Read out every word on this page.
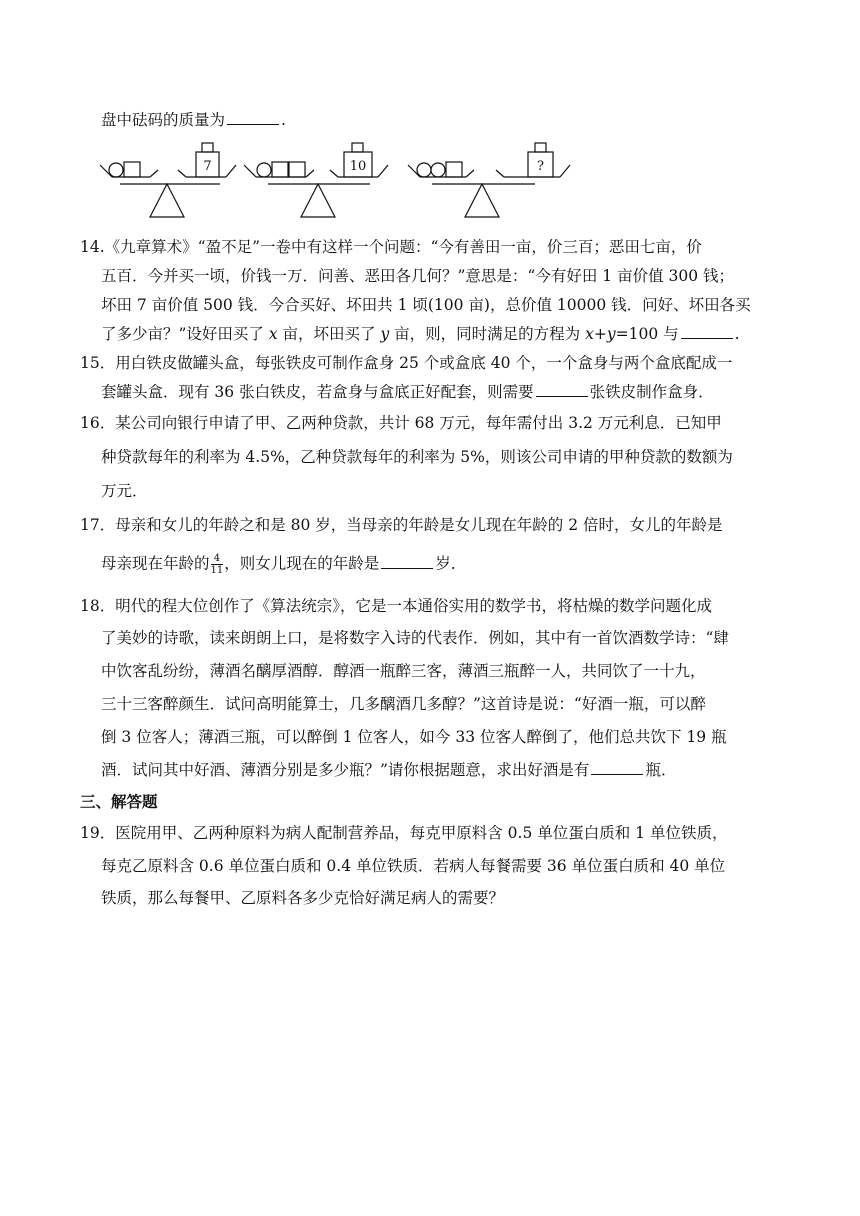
盘中砝码的质量为	.
7	10	?
14.《九章算术》“盈不足”一卷中有这样一个问题：“今有善田一亩，价三百；恶田七亩，价
五百．今并买一顷，价钱一万．问善、恶田各几何？”意思是：“今有好田 1 亩价值 300 钱；
坏田 7 亩价值 500 钱．今合买好、坏田共 1 顷(100 亩)，总价值 10000 钱．问好、坏田各买
了多少亩？”设好田买了 x 亩，坏田买了 y 亩，则，同时满足的方程为 x+y=100 与	.
15．用白铁皮做罐头盒，每张铁皮可制作盒身 25 个或盒底 40 个，一个盒身与两个盒底配成一
套罐头盒．现有 36 张白铁皮，若盒身与盒底正好配套，则需要	张铁皮制作盒身．
16．某公司向银行申请了甲、乙两种贷款，共计 68 万元，每年需付出 3.2 万元利息．已知甲
种贷款每年的利率为 4.5%，乙种贷款每年的利率为 5%，则该公司申请的甲种贷款的数额为
万元．
17．母亲和女儿的年龄之和是 80 岁，当母亲的年龄是女儿现在年龄的 2 倍时，女儿的年龄是
母亲现在年龄的 $\frac{4}{11}$ ，则女儿现在的年龄是	岁．
18．明代的程大位创作了《算法统宗》，它是一本通俗实用的数学书，将枯燥的数学问题化成
了美妙的诗歌，读来朗朗上口，是将数字入诗的代表作．例如，其中有一首饮酒数学诗：“肆
中饮客乱纷纷，薄酒名醨厚酒醇．醇酒一瓶醉三客，薄酒三瓶醉一人，共同饮了一十九，
三十三客醉颜生．试问高明能算士，几多醨酒几多醇？”这首诗是说：“好酒一瓶，可以醉
倒 3 位客人；薄酒三瓶，可以醉倒 1 位客人，如今 33 位客人醉倒了，他们总共饮下 19 瓶
酒．试问其中好酒、薄酒分别是多少瓶？”请你根据题意，求出好酒是有	瓶．
三、解答题
19．医院用甲、乙两种原料为病人配制营养品，每克甲原料含 0.5 单位蛋白质和 1 单位铁质，
每克乙原料含 0.6 单位蛋白质和 0.4 单位铁质．若病人每餐需要 36 单位蛋白质和 40 单位
铁质，那么每餐甲、乙原料各多少克恰好满足病人的需要？
